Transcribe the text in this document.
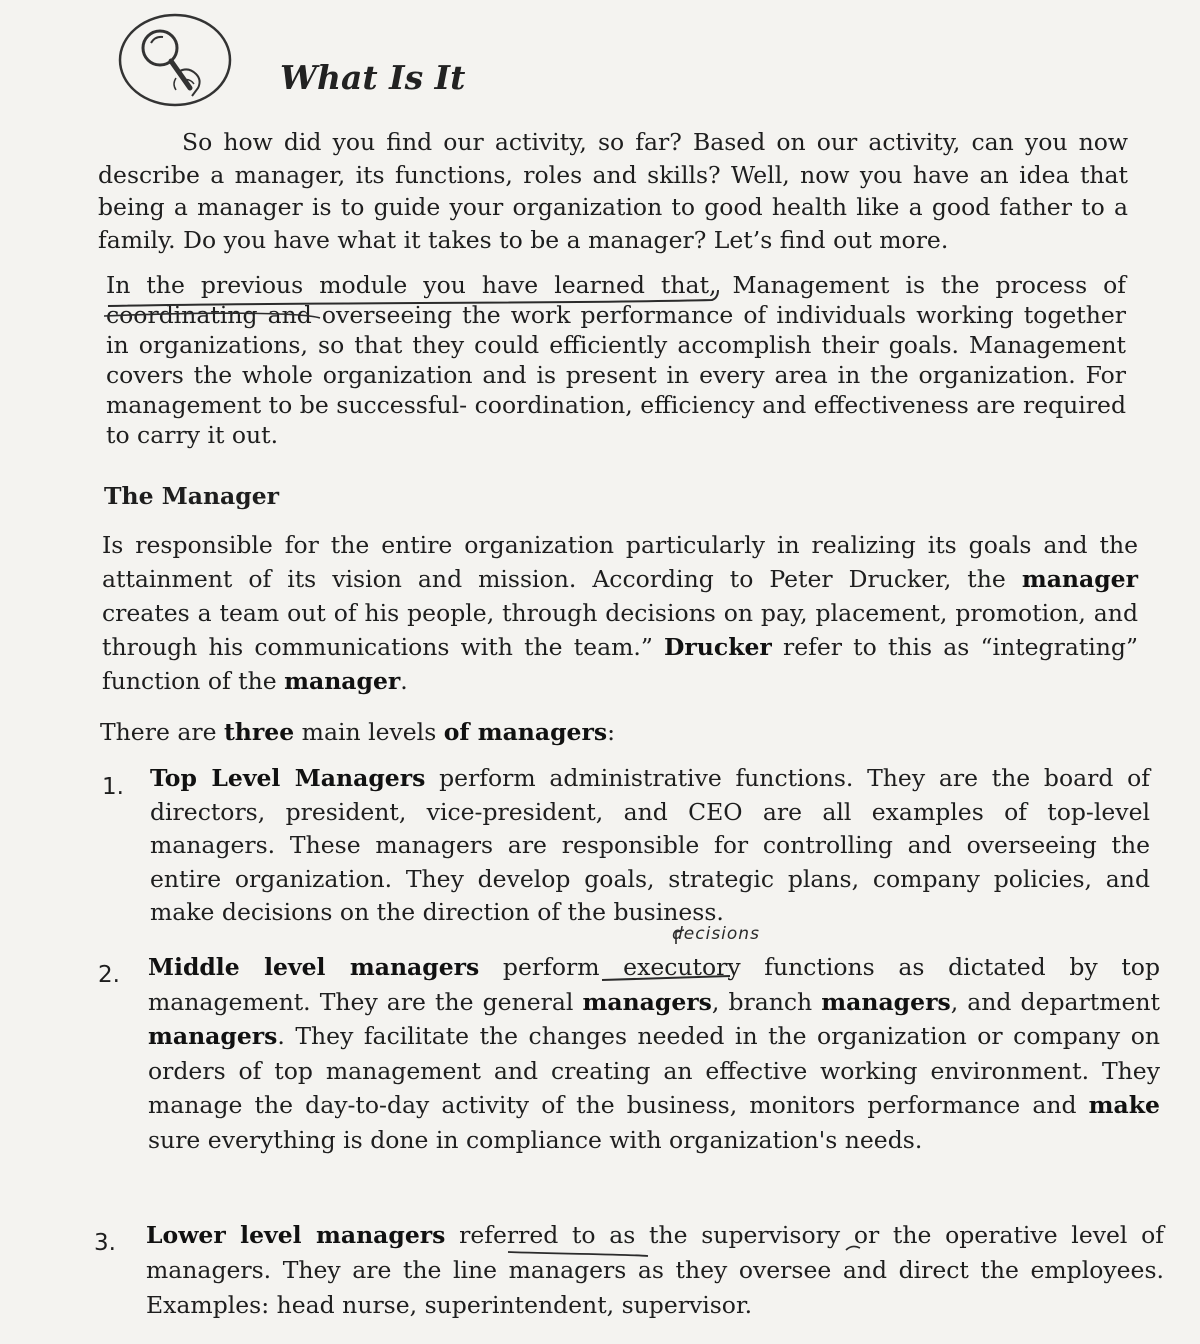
What Is It

So how did you find our activity, so far? Based on our activity, can you now describe a manager, its functions, roles and skills? Well, now you have an idea that being a manager is to guide your organization to good health like a good father to a family. Do you have what it takes to be a manager? Let’s find out more.

In the previous module you have learned that, Management is the process of coordinating and overseeing the work performance of individuals working together in organizations, so that they could efficiently accomplish their goals. Management covers the whole organization and is present in every area in the organization. For management to be successful- coordination, efficiency and effectiveness are required to carry it out.

The Manager

Is responsible for the entire organization particularly in realizing its goals and the attainment of its vision and mission. According to Peter Drucker, the manager creates a team out of his people, through decisions on pay, placement, promotion, and through his communications with the team.” Drucker refer to this as “integrating” function of the manager.

There are three main levels of managers:

1. Top Level Managers perform administrative functions. They are the board of directors, president, vice-president, and CEO are all examples of top-level managers. These managers are responsible for controlling and overseeing the entire organization. They develop goals, strategic plans, company policies, and make decisions on the direction of the business.

2. Middle level managers perform executory functions as dictated by top management. They are the general managers, branch managers, and department managers. They facilitate the changes needed in the organization or company on orders of top management and creating an effective working environment. They manage the day-to-day activity of the business, monitors performance and make sure everything is done in compliance with organization's needs.

3. Lower level managers referred to as the supervisory or the operative level of managers. They are the line managers as they oversee and direct the employees. Examples: head nurse, superintendent, supervisor.

decisions
